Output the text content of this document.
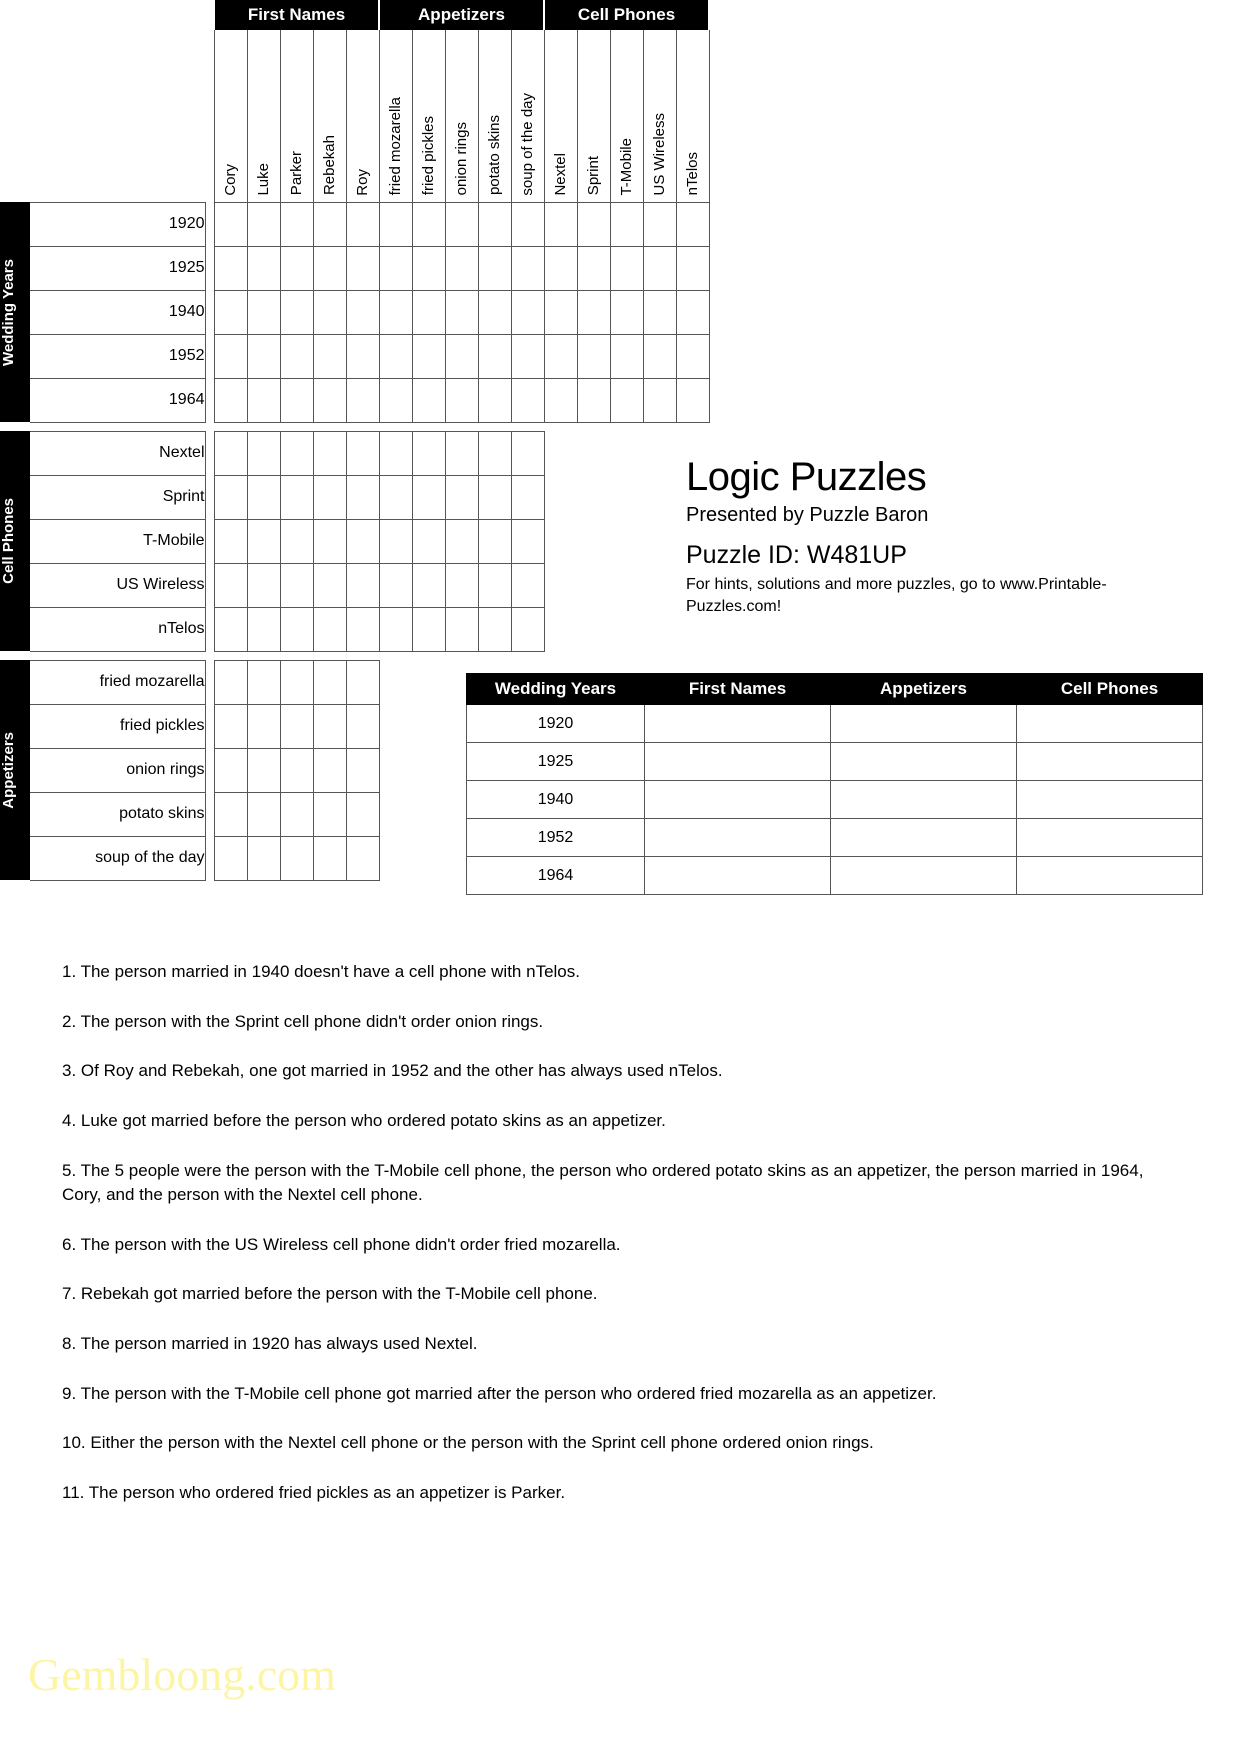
			First Names					Appetizers					Cell Phones				

			Cory	Luke	Parker	Rebekah	Roy	fried mozarella	fried pickles	onion rings	potato skins	soup of the day	Nextel	Sprint	T-Mobile	US Wireless	nTelos

Wedding Years	1920																
	1925																
	1940																
	1952																
	1964																

Cell Phones	Nextel																
	Sprint																
	T-Mobile																
	US Wireless																
	nTelos																

Appetizers	fried mozarella																
	fried pickles																
	onion rings																
	potato skins																
	soup of the day																
Logic Puzzles
Presented by Puzzle Baron
Puzzle ID: W481UP
For hints, solutions and more puzzles, go to www.Printable-Puzzles.com!
Wedding Years	First Names	Appetizers	Cell Phones
1920			
1925			
1940			
1952			
1964			
1. The person married in 1940 doesn't have a cell phone with nTelos.
2. The person with the Sprint cell phone didn't order onion rings.
3. Of Roy and Rebekah, one got married in 1952 and the other has always used nTelos.
4. Luke got married before the person who ordered potato skins as an appetizer.
5. The 5 people were the person with the T-Mobile cell phone, the person who ordered potato skins as an appetizer, the person married in 1964, Cory, and the person with the Nextel cell phone.
6. The person with the US Wireless cell phone didn't order fried mozarella.
7. Rebekah got married before the person with the T-Mobile cell phone.
8. The person married in 1920 has always used Nextel.
9. The person with the T-Mobile cell phone got married after the person who ordered fried mozarella as an appetizer.
10. Either the person with the Nextel cell phone or the person with the Sprint cell phone ordered onion rings.
11. The person who ordered fried pickles as an appetizer is Parker.
Gembloong.com
